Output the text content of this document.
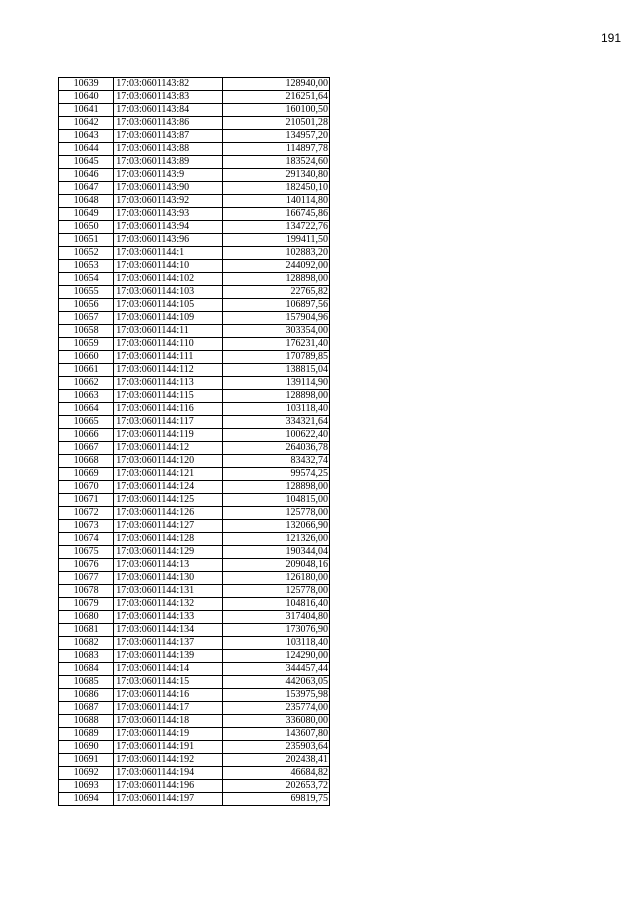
191
10639	17:03:0601143:82	128940,00
10640	17:03:0601143:83	216251,64
10641	17:03:0601143:84	160100,50
10642	17:03:0601143:86	210501,28
10643	17:03:0601143:87	134957,20
10644	17:03:0601143:88	114897,78
10645	17:03:0601143:89	183524,60
10646	17:03:0601143:9	291340,80
10647	17:03:0601143:90	182450,10
10648	17:03:0601143:92	140114,80
10649	17:03:0601143:93	166745,86
10650	17:03:0601143:94	134722,76
10651	17:03:0601143:96	199411,50
10652	17:03:0601144:1	102883,20
10653	17:03:0601144:10	244092,00
10654	17:03:0601144:102	128898,00
10655	17:03:0601144:103	22765,82
10656	17:03:0601144:105	106897,56
10657	17:03:0601144:109	157904,96
10658	17:03:0601144:11	303354,00
10659	17:03:0601144:110	176231,40
10660	17:03:0601144:111	170789,85
10661	17:03:0601144:112	138815,04
10662	17:03:0601144:113	139114,90
10663	17:03:0601144:115	128898,00
10664	17:03:0601144:116	103118,40
10665	17:03:0601144:117	334321,64
10666	17:03:0601144:119	100622,40
10667	17:03:0601144:12	264036,78
10668	17:03:0601144:120	83432,74
10669	17:03:0601144:121	99574,25
10670	17:03:0601144:124	128898,00
10671	17:03:0601144:125	104815,00
10672	17:03:0601144:126	125778,00
10673	17:03:0601144:127	132066,90
10674	17:03:0601144:128	121326,00
10675	17:03:0601144:129	190344,04
10676	17:03:0601144:13	209048,16
10677	17:03:0601144:130	126180,00
10678	17:03:0601144:131	125778,00
10679	17:03:0601144:132	104816,40
10680	17:03:0601144:133	317404,80
10681	17:03:0601144:134	173076,90
10682	17:03:0601144:137	103118,40
10683	17:03:0601144:139	124290,00
10684	17:03:0601144:14	344457,44
10685	17:03:0601144:15	442063,05
10686	17:03:0601144:16	153975,98
10687	17:03:0601144:17	235774,00
10688	17:03:0601144:18	336080,00
10689	17:03:0601144:19	143607,80
10690	17:03:0601144:191	235903,64
10691	17:03:0601144:192	202438,41
10692	17:03:0601144:194	46684,82
10693	17:03:0601144:196	202653,72
10694	17:03:0601144:197	69819,75
